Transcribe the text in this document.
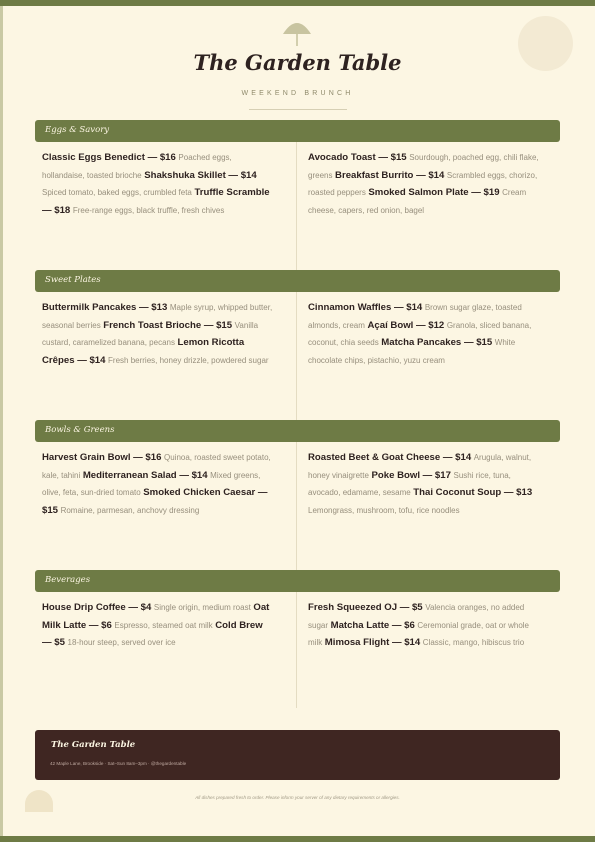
The Garden Table
WEEKEND BRUNCH
Eggs & Savory
Classic Eggs Benedict — $16 Poached eggs, hollandaise, toasted brioche Shakshuka Skillet — $14 Spiced tomato, baked eggs, crumbled feta Truffle Scramble — $18 Free-range eggs, black truffle, fresh chives
Avocado Toast — $15 Sourdough, poached egg, chili flake, greens Breakfast Burrito — $14 Scrambled eggs, chorizo, roasted peppers Smoked Salmon Plate — $19 Cream cheese, capers, red onion, bagel
Sweet Plates
Buttermilk Pancakes — $13 Maple syrup, whipped butter, seasonal berries French Toast Brioche — $15 Vanilla custard, caramelized banana, pecans Lemon Ricotta Crêpes — $14 Fresh berries, honey drizzle, powdered sugar
Cinnamon Waffles — $14 Brown sugar glaze, toasted almonds, cream Açaí Bowl — $12 Granola, sliced banana, coconut, chia seeds Matcha Pancakes — $15 White chocolate chips, pistachio, yuzu cream
Bowls & Greens
Harvest Grain Bowl — $16 Quinoa, roasted sweet potato, kale, tahini Mediterranean Salad — $14 Mixed greens, olive, feta, sun-dried tomato Smoked Chicken Caesar — $15 Romaine, parmesan, anchovy dressing
Roasted Beet & Goat Cheese — $14 Arugula, walnut, honey vinaigrette Poke Bowl — $17 Sushi rice, tuna, avocado, edamame, sesame Thai Coconut Soup — $13 Lemongrass, mushroom, tofu, rice noodles
Beverages
House Drip Coffee — $4 Single origin, medium roast Oat Milk Latte — $6 Espresso, steamed oat milk Cold Brew — $5 18-hour steep, served over ice
Fresh Squeezed OJ — $5 Valencia oranges, no added sugar Matcha Latte — $6 Ceremonial grade, oat or whole milk Mimosa Flight — $14 Classic, mango, hibiscus trio
The Garden Table
42 Maple Lane, Brookside · Sat–Sun 8am–3pm · @thegardentable
All dishes prepared fresh to order. Please inform your server of any dietary requirements or allergies.
